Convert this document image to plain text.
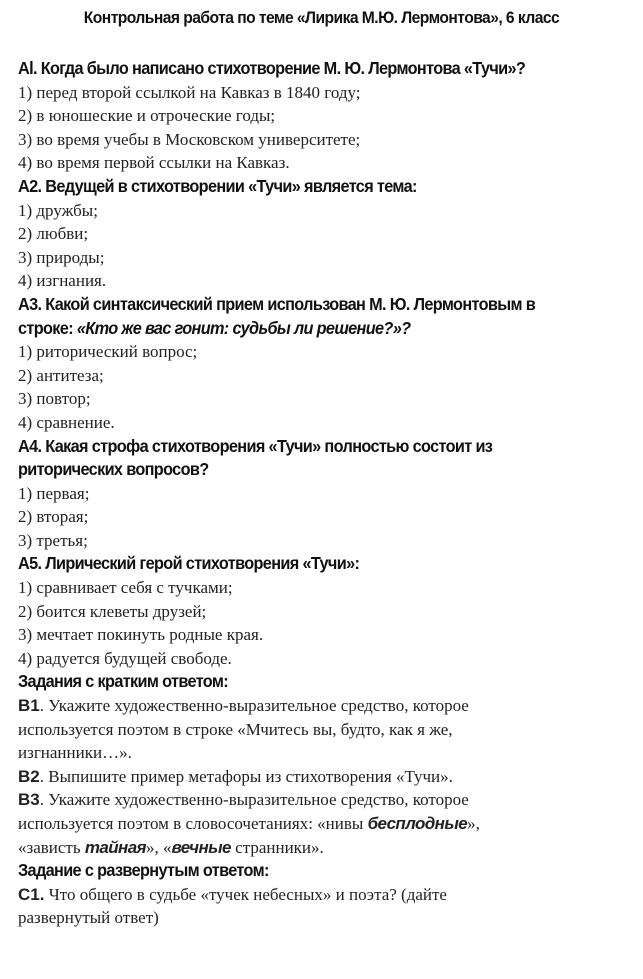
Контрольная работа по теме «Лирика М.Ю. Лермонтова», 6 класс
Al. Когда было написано стихотворение М. Ю. Лермонтова «Тучи»?
1) перед второй ссылкой на Кавказ в 1840 году;
2) в юношеские и отроческие годы;
3) во время учебы в Московском университете;
4) во время первой ссылки на Кавказ.
А2. Ведущей в стихотворении «Тучи» является тема:
1) дружбы;
2) любви;
3) природы;
4) изгнания.
А3. Какой синтаксический прием использован М. Ю. Лермонтовым в
строке: «Кто же вас гонит: судьбы ли решение?»?
1) риторический вопрос;
2) антитеза;
3) повтор;
4) сравнение.
А4. Какая строфа стихотворения «Тучи» полностью состоит из
риторических вопросов?
1) первая;
2) вторая;
3) третья;
А5. Лирический герой стихотворения «Тучи»:
1) сравнивает себя с тучками;
2) боится клеветы друзей;
3) мечтает покинуть родные края.
4) радуется будущей свободе.
Задания с кратким ответом:
В1. Укажите художественно-выразительное средство, которое
используется поэтом в строке «Мчитесь вы, будто, как я же,
изгнанники…».
В2. Выпишите пример метафоры из стихотворения «Тучи».
В3. Укажите художественно-выразительное средство, которое
используется поэтом в словосочетаниях: «нивы бесплодные»,
«зависть тайная», «вечные странники».
Задание с развернутым ответом:
С1. Что общего в судьбе «тучек небесных» и поэта? (дайте
развернутый ответ)
